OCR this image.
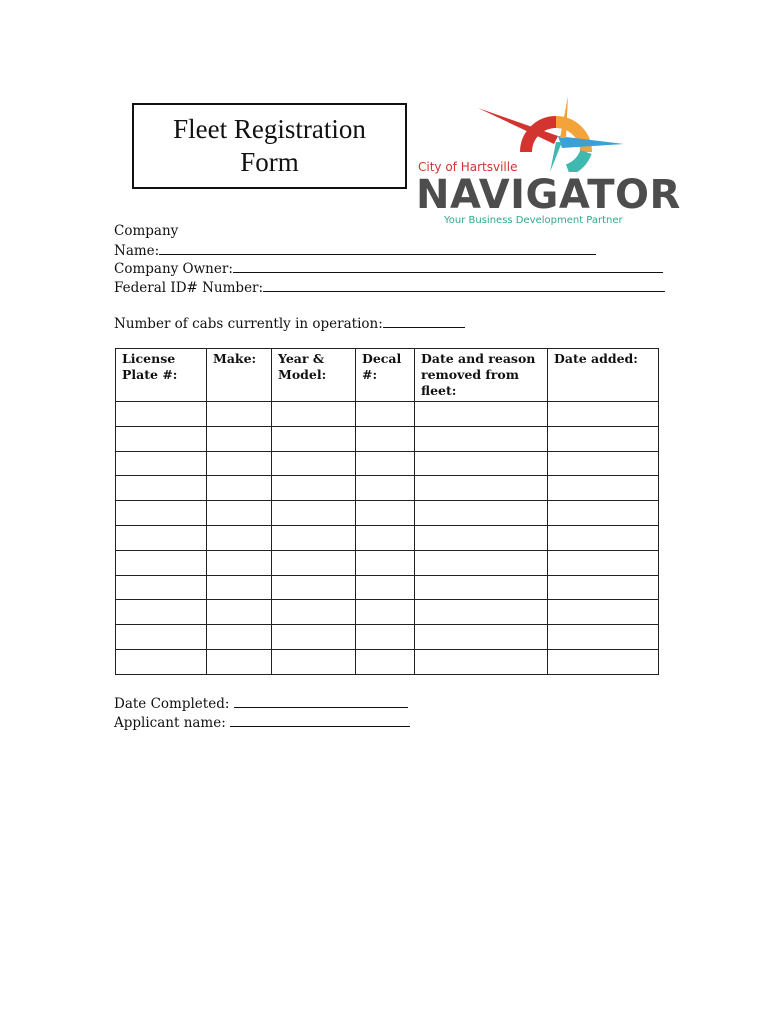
Fleet Registration Form	City of Hartsville
NAVIGATOR
Your Business Development Partner
Company
Name:
Company Owner:
Federal ID# Number:
Number of cabs currently in operation:
License Plate #:	Make:	Year & Model:	Decal #:	Date and reason removed from fleet:	Date added:

Date Completed:
Applicant name:
